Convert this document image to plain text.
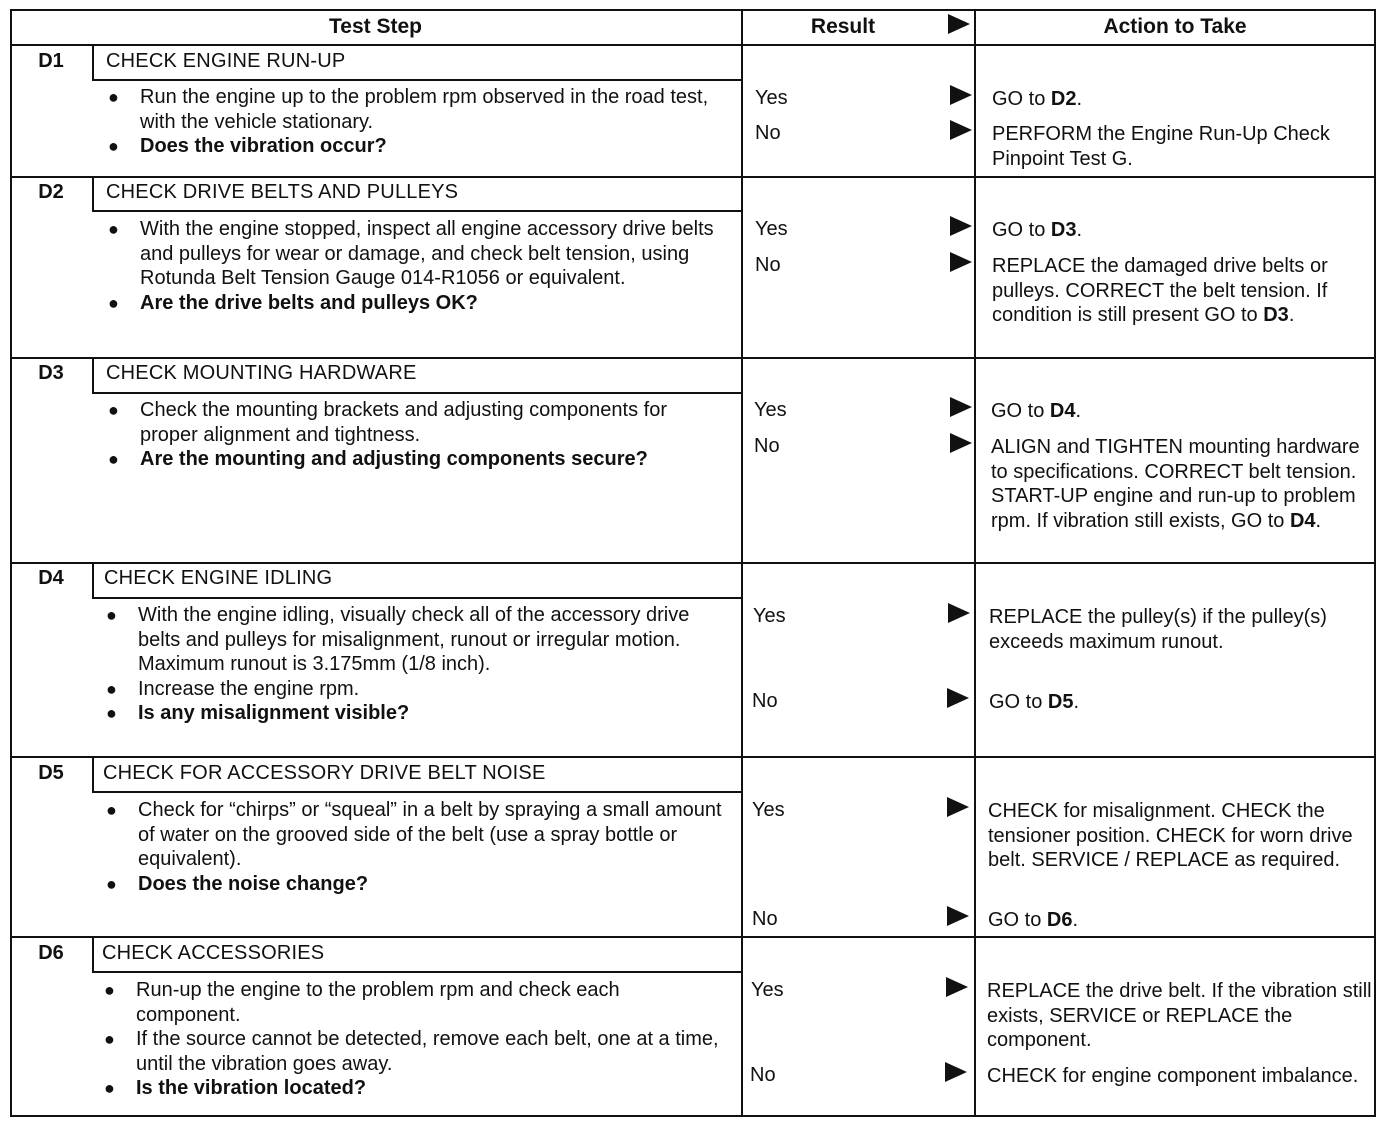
Test Step	Result	Action to Take
D1	CHECK ENGINE RUN-UP
● Run the engine up to the problem rpm observed in the road test, with the vehicle stationary.
● Does the vibration occur?
Yes	GO to D2.
No	PERFORM the Engine Run-Up Check Pinpoint Test G.
D2	CHECK DRIVE BELTS AND PULLEYS
● With the engine stopped, inspect all engine accessory drive belts and pulleys for wear or damage, and check belt tension, using Rotunda Belt Tension Gauge 014-R1056 or equivalent.
● Are the drive belts and pulleys OK?
Yes	GO to D3.
No	REPLACE the damaged drive belts or pulleys. CORRECT the belt tension. If condition is still present GO to D3.
D3	CHECK MOUNTING HARDWARE
● Check the mounting brackets and adjusting components for proper alignment and tightness.
● Are the mounting and adjusting components secure?
Yes	GO to D4.
No	ALIGN and TIGHTEN mounting hardware to specifications. CORRECT belt tension. START-UP engine and run-up to problem rpm. If vibration still exists, GO to D4.
D4	CHECK ENGINE IDLING
● With the engine idling, visually check all of the accessory drive belts and pulleys for misalignment, runout or irregular motion. Maximum runout is 3.175mm (1/8 inch).
● Increase the engine rpm.
● Is any misalignment visible?
Yes	REPLACE the pulley(s) if the pulley(s) exceeds maximum runout.
No	GO to D5.
D5	CHECK FOR ACCESSORY DRIVE BELT NOISE
● Check for “chirps” or “squeal” in a belt by spraying a small amount of water on the grooved side of the belt (use a spray bottle or equivalent).
● Does the noise change?
Yes	CHECK for misalignment. CHECK the tensioner position. CHECK for worn drive belt. SERVICE / REPLACE as required.
No	GO to D6.
D6	CHECK ACCESSORIES
● Run-up the engine to the problem rpm and check each component.
● If the source cannot be detected, remove each belt, one at a time, until the vibration goes away.
● Is the vibration located?
Yes	REPLACE the drive belt. If the vibration still exists, SERVICE or REPLACE the component.
No	CHECK for engine component imbalance.
